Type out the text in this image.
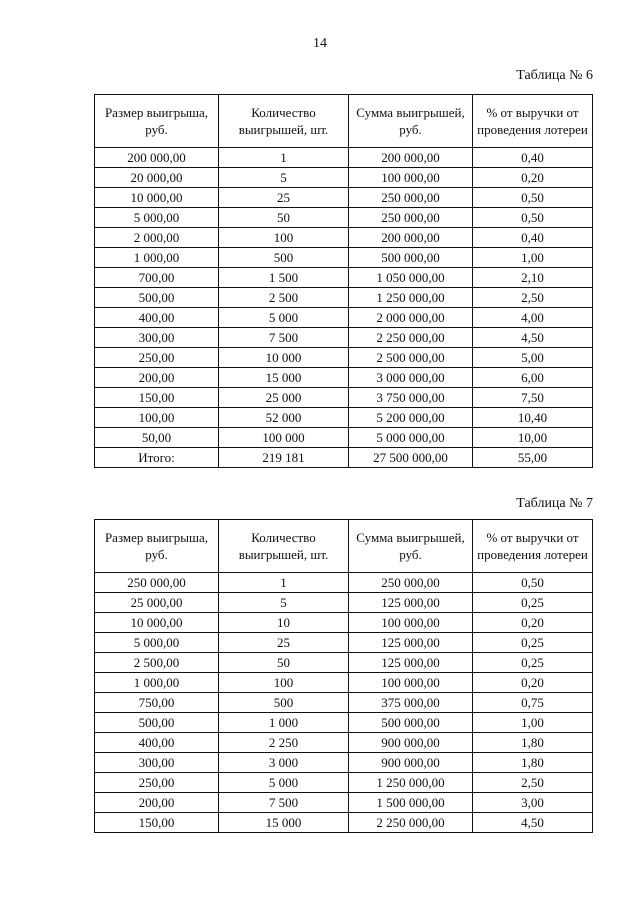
14
Таблица № 6
Размер выигрыша, руб.	Количество выигрышей, шт.	Сумма выигрышей, руб.	% от выручки от проведения лотереи
200 000,00	1	200 000,00	0,40
20 000,00	5	100 000,00	0,20
10 000,00	25	250 000,00	0,50
5 000,00	50	250 000,00	0,50
2 000,00	100	200 000,00	0,40
1 000,00	500	500 000,00	1,00
700,00	1 500	1 050 000,00	2,10
500,00	2 500	1 250 000,00	2,50
400,00	5 000	2 000 000,00	4,00
300,00	7 500	2 250 000,00	4,50
250,00	10 000	2 500 000,00	5,00
200,00	15 000	3 000 000,00	6,00
150,00	25 000	3 750 000,00	7,50
100,00	52 000	5 200 000,00	10,40
50,00	100 000	5 000 000,00	10,00
Итого:	219 181	27 500 000,00	55,00
Таблица № 7
Размер выигрыша, руб.	Количество выигрышей, шт.	Сумма выигрышей, руб.	% от выручки от проведения лотереи
250 000,00	1	250 000,00	0,50
25 000,00	5	125 000,00	0,25
10 000,00	10	100 000,00	0,20
5 000,00	25	125 000,00	0,25
2 500,00	50	125 000,00	0,25
1 000,00	100	100 000,00	0,20
750,00	500	375 000,00	0,75
500,00	1 000	500 000,00	1,00
400,00	2 250	900 000,00	1,80
300,00	3 000	900 000,00	1,80
250,00	5 000	1 250 000,00	2,50
200,00	7 500	1 500 000,00	3,00
150,00	15 000	2 250 000,00	4,50
